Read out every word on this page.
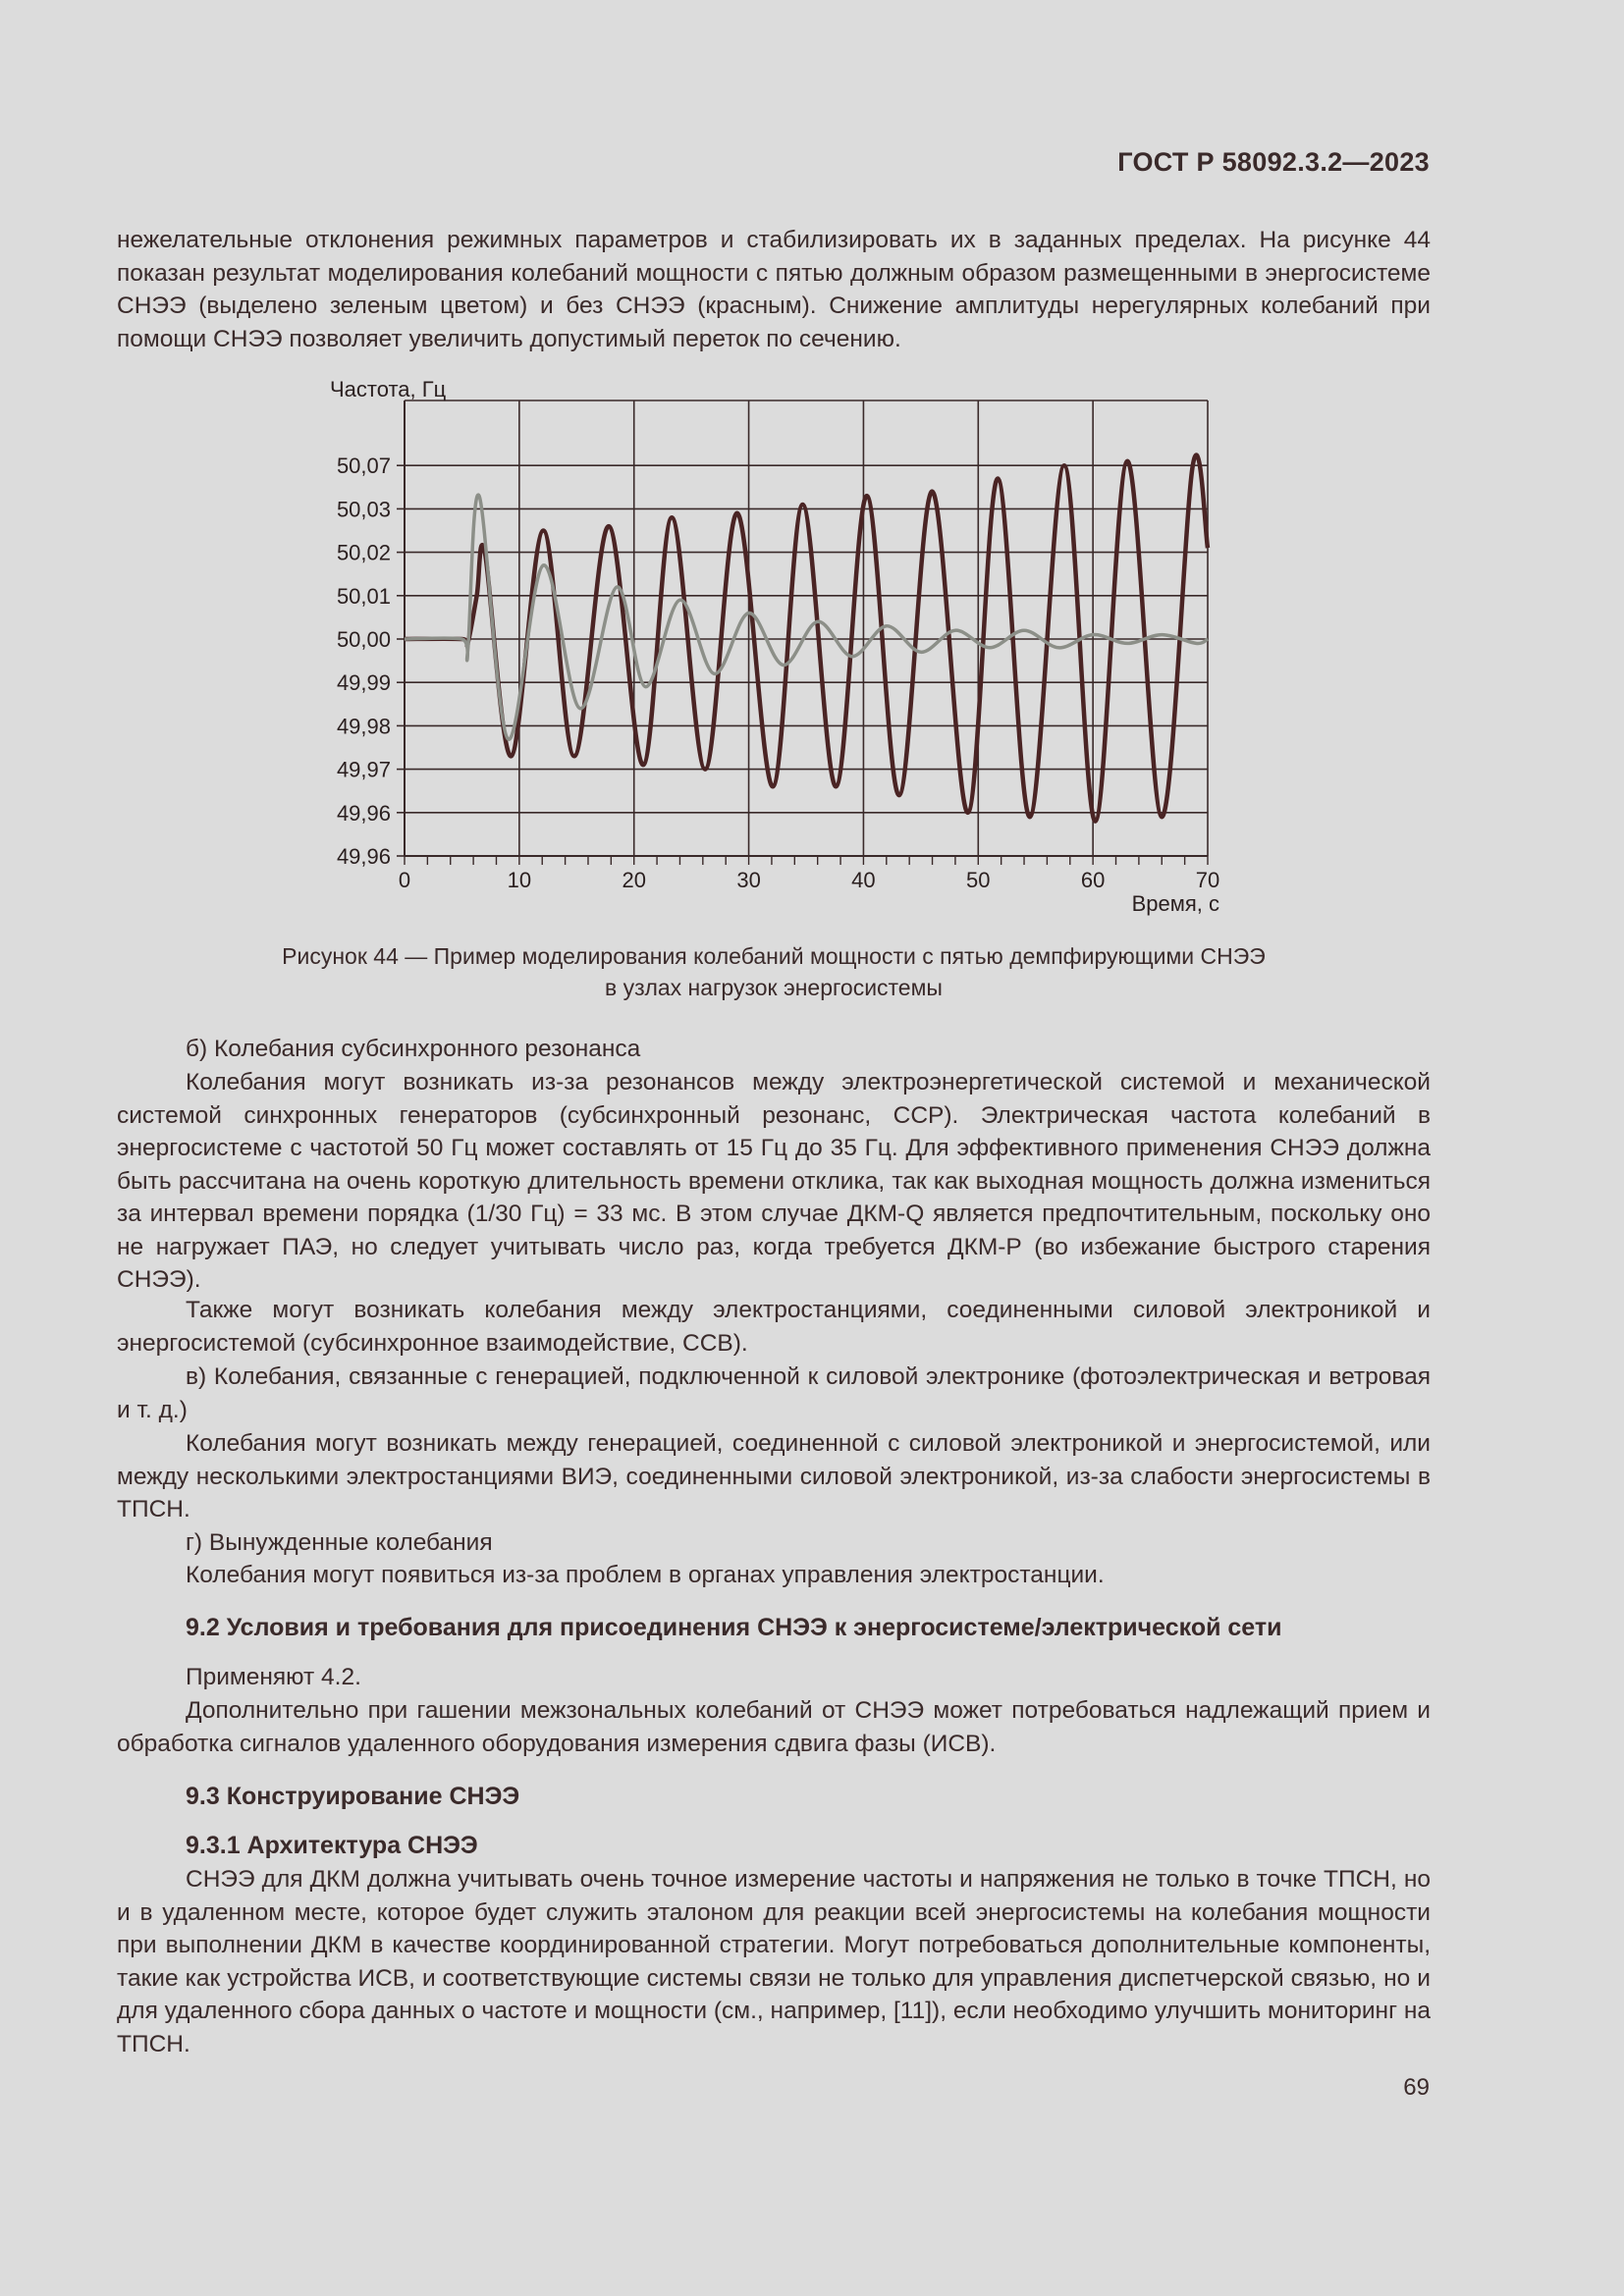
ГОСТ Р 58092.3.2—2023
нежелательные отклонения режимных параметров и стабилизировать их в заданных пределах. На рисунке 44 показан результат моделирования колебаний мощности с пятью должным образом размещенными в энергосистеме СНЭЭ (выделено зеленым цветом) и без СНЭЭ (красным). Снижение амплитуды нерегулярных колебаний при помощи СНЭЭ позволяет увеличить допустимый переток по сечению.
50,07
50,03
50,02
50,01
50,00
49,99
49,98
49,97
49,96
49,96
0	10	20	30	40	50	60	70
Частота, Гц
Время, с
Рисунок 44 — Пример моделирования колебаний мощности с пятью демпфирующими СНЭЭ
в узлах нагрузок энергосистемы
б) Колебания субсинхронного резонанса
Колебания могут возникать из-за резонансов между электроэнергетической системой и механической системой синхронных генераторов (субсинхронный резонанс, ССР). Электрическая частота колебаний в энергосистеме с частотой 50 Гц может составлять от 15 Гц до 35 Гц. Для эффективного применения СНЭЭ должна быть рассчитана на очень короткую длительность времени отклика, так как выходная мощность должна измениться за интервал времени порядка (1/30 Гц) = 33 мс. В этом случае ДКМ-Q является предпочтительным, поскольку оно не нагружает ПАЭ, но следует учитывать число раз, когда требуется ДКМ-Р (во избежание быстрого старения СНЭЭ).
Также могут возникать колебания между электростанциями, соединенными силовой электроникой и энергосистемой (субсинхронное взаимодействие, ССВ).
в) Колебания, связанные с генерацией, подключенной к силовой электронике (фотоэлектрическая и ветровая и т. д.)
Колебания могут возникать между генерацией, соединенной с силовой электроникой и энергосистемой, или между несколькими электростанциями ВИЭ, соединенными силовой электроникой, из-за слабости энергосистемы в ТПСН.
г) Вынужденные колебания
Колебания могут появиться из-за проблем в органах управления электростанции.
9.2 Условия и требования для присоединения СНЭЭ к энергосистеме/электрической сети
Применяют 4.2.
Дополнительно при гашении межзональных колебаний от СНЭЭ может потребоваться надлежащий прием и обработка сигналов удаленного оборудования измерения сдвига фазы (ИСВ).
9.3 Конструирование СНЭЭ
9.3.1 Архитектура СНЭЭ
СНЭЭ для ДКМ должна учитывать очень точное измерение частоты и напряжения не только в точке ТПСН, но и в удаленном месте, которое будет служить эталоном для реакции всей энергосистемы на колебания мощности при выполнении ДКМ в качестве координированной стратегии. Могут потребоваться дополнительные компоненты, такие как устройства ИСВ, и соответствующие системы связи не только для управления диспетчерской связью, но и для удаленного сбора данных о частоте и мощности (см., например, [11]), если необходимо улучшить мониторинг на ТПСН.
69
